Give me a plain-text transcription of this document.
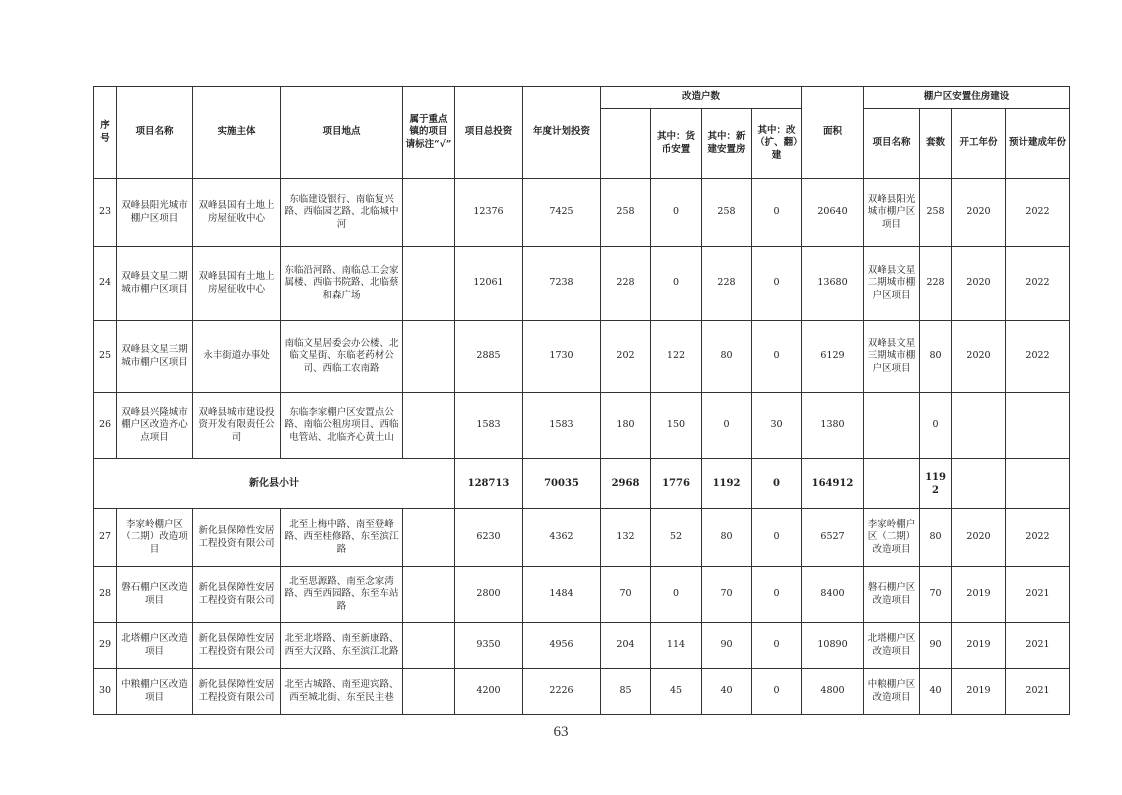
序号	项目名称	实施主体	项目地点	属于重点镇的项目请标注“√”	项目总投资	年度计划投资	改造户数				面积	棚户区安置住房建设			
								其中：货币安置	其中：新建安置房	其中：改（扩、翻）建		项目名称	套数	开工年份	预计建成年份
23	双峰县阳光城市棚户区项目	双峰县国有土地上房屋征收中心	东临建设银行、南临复兴路、西临园艺路、北临城中河		12376	7425	258	0	258	0	20640	双峰县阳光城市棚户区项目	258	2020	2022
24	双峰县文星二期城市棚户区项目	双峰县国有土地上房屋征收中心	东临沿河路、南临总工会家属楼、西临书院路、北临蔡和森广场		12061	7238	228	0	228	0	13680	双峰县文星二期城市棚户区项目	228	2020	2022
25	双峰县文星三期城市棚户区项目	永丰街道办事处	南临文星居委会办公楼、北临文星街、东临老药材公司、西临工农南路		2885	1730	202	122	80	0	6129	双峰县文星三期城市棚户区项目	80	2020	2022
26	双峰县兴隆城市棚户区改造齐心点项目	双峰县城市建设投资开发有限责任公司	东临李家棚户区安置点公路、南临公租房项目、西临电管站、北临齐心黄土山		1583	1583	180	150	0	30	1380		0		
新化县小计					128713	70035	2968	1776	1192	0	164912		1192		
27	李家岭棚户区（二期）改造项目	新化县保障性安居工程投资有限公司	北至上梅中路、南至登峰路、西至桂修路、东至滨江路		6230	4362	132	52	80	0	6527	李家岭棚户区（二期）改造项目	80	2020	2022
28	磐石棚户区改造项目	新化县保障性安居工程投资有限公司	北至思源路、南至念家湾路、西至西园路、东至车站路		2800	1484	70	0	70	0	8400	磐石棚户区改造项目	70	2019	2021
29	北塔棚户区改造项目	新化县保障性安居工程投资有限公司	北至北塔路、南至新康路、西至大汉路、东至滨江北路		9350	4956	204	114	90	0	10890	北塔棚户区改造项目	90	2019	2021
30	中粮棚户区改造项目	新化县保障性安居工程投资有限公司	北至古城路、南至迎宾路、西至城北街、东至民主巷		4200	2226	85	45	40	0	4800	中粮棚户区改造项目	40	2019	2021
63
